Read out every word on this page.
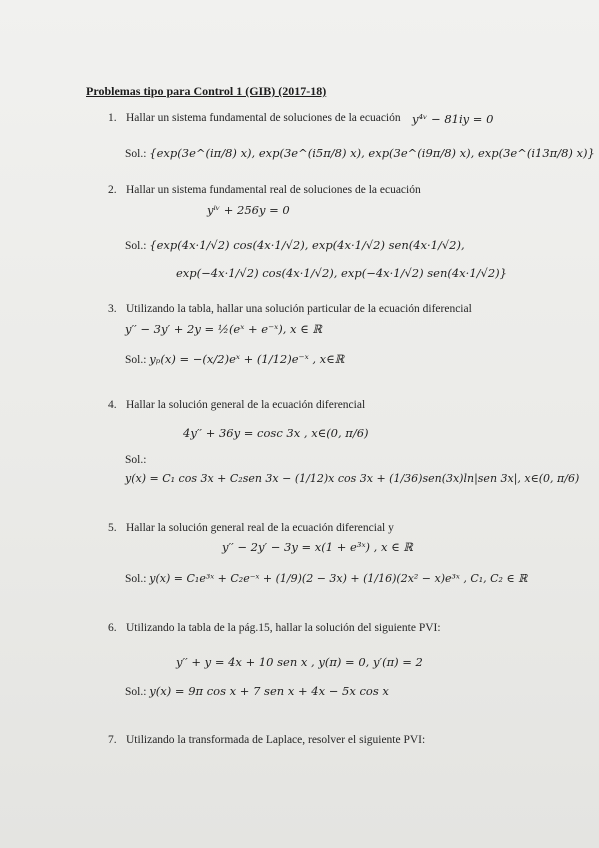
Problemas tipo para Control 1 (GIB) (2017-18)
1. Hallar un sistema fundamental de soluciones de la ecuación y⁴ᵛ − 81iy = 0
Sol.: {exp(3e^(iπ/8) x), exp(3e^(i5π/8) x), exp(3e^(i9π/8) x), exp(3e^(i13π/8) x)}
2. Hallar un sistema fundamental real de soluciones de la ecuación
yⁱᵛ + 256y = 0
Sol.: {exp(4x·1/√2) cos(4x·1/√2), exp(4x·1/√2) sen(4x·1/√2),
exp(−4x·1/√2) cos(4x·1/√2), exp(−4x·1/√2) sen(4x·1/√2)}
3. Utilizando la tabla, hallar una solución particular de la ecuación diferencial
y′′ − 3y′ + 2y = ½(eˣ + e⁻ˣ), x ∈ ℝ
Sol.: yₚ(x) = −(x/2)eˣ + (1/12)e⁻ˣ , x∈ℝ
4. Hallar la solución general de la ecuación diferencial
4y′′ + 36y = cosc 3x , x∈(0, π/6)
Sol.:
y(x) = C₁ cos 3x + C₂sen 3x − (1/12)x cos 3x + (1/36)sen(3x)ln|sen 3x|, x∈(0, π/6)
5. Hallar la solución general real de la ecuación diferencial y
y′′ − 2y′ − 3y = x(1 + e³ˣ) , x ∈ ℝ
Sol.: y(x) = C₁e³ˣ + C₂e⁻ˣ + (1/9)(2 − 3x) + (1/16)(2x² − x)e³ˣ , C₁, C₂ ∈ ℝ
6. Utilizando la tabla de la pág.15, hallar la solución del siguiente PVI:
y′′ + y = 4x + 10 sen x , y(π) = 0, y′(π) = 2
Sol.: y(x) = 9π cos x + 7 sen x + 4x − 5x cos x
7. Utilizando la transformada de Laplace, resolver el siguiente PVI:
